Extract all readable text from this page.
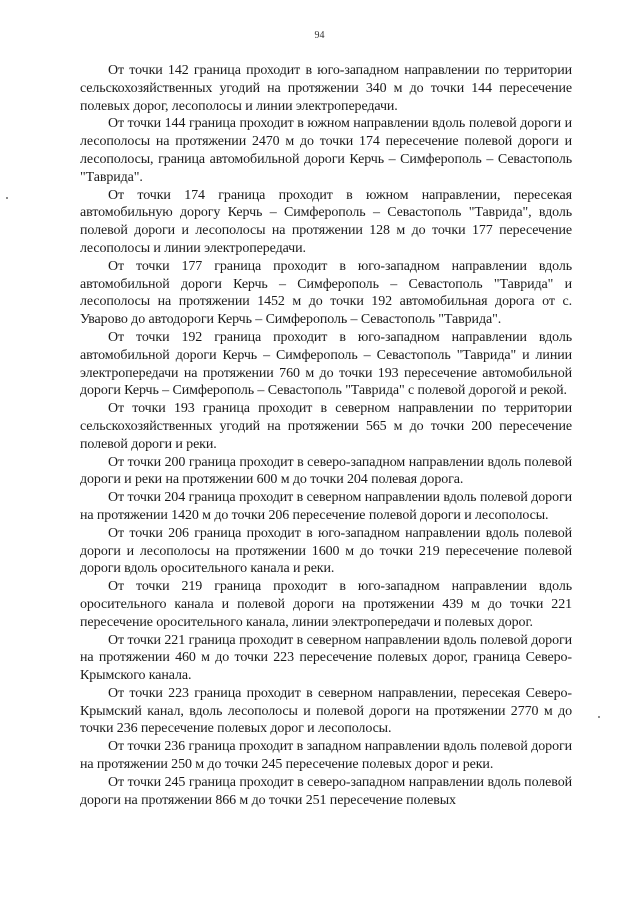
94

От точки 142 граница проходит в юго-западном направлении по территории сельскохозяйственных угодий на протяжении 340 м до точки 144 пересечение полевых дорог, лесополосы и линии электропередачи.

От точки 144 граница проходит в южном направлении вдоль полевой дороги и лесополосы на протяжении 2470 м до точки 174 пересечение полевой дороги и лесополосы, граница автомобильной дороги Керчь – Симферополь – Севастополь "Таврида".

От точки 174 граница проходит в южном направлении, пересекая автомобильную дорогу Керчь – Симферополь – Севастополь "Таврида", вдоль полевой дороги и лесополосы на протяжении 128 м до точки 177 пересечение лесополосы и линии электропередачи.

От точки 177 граница проходит в юго-западном направлении вдоль автомобильной дороги Керчь – Симферополь – Севастополь "Таврида" и лесополосы на протяжении 1452 м до точки 192 автомобильная дорога от с. Уварово до автодороги Керчь – Симферополь – Севастополь "Таврида".

От точки 192 граница проходит в юго-западном направлении вдоль автомобильной дороги Керчь – Симферополь – Севастополь "Таврида" и линии электропередачи на протяжении 760 м до точки 193 пересечение автомобильной дороги Керчь – Симферополь – Севастополь "Таврида" с полевой дорогой и рекой.

От точки 193 граница проходит в северном направлении по территории сельскохозяйственных угодий на протяжении 565 м до точки 200 пересечение полевой дороги и реки.

От точки 200 граница проходит в северо-западном направлении вдоль полевой дороги и реки на протяжении 600 м до точки 204 полевая дорога.

От точки 204 граница проходит в северном направлении вдоль полевой дороги на протяжении 1420 м до точки 206 пересечение полевой дороги и лесополосы.

От точки 206 граница проходит в юго-западном направлении вдоль полевой дороги и лесополосы на протяжении 1600 м до точки 219 пересечение полевой дороги вдоль оросительного канала и реки.

От точки 219 граница проходит в юго-западном направлении вдоль оросительного канала и полевой дороги на протяжении 439 м до точки 221 пересечение оросительного канала, линии электропередачи и полевых дорог.

От точки 221 граница проходит в северном направлении вдоль полевой дороги на протяжении 460 м до точки 223 пересечение полевых дорог, граница Северо-Крымского канала.

От точки 223 граница проходит в северном направлении, пересекая Северо-Крымский канал, вдоль лесополосы и полевой дороги на протяжении 2770 м до точки 236 пересечение полевых дорог и лесополосы.

От точки 236 граница проходит в западном направлении вдоль полевой дороги на протяжении 250 м до точки 245 пересечение полевых дорог и реки.

От точки 245 граница проходит в северо-западном направлении вдоль полевой дороги на протяжении 866 м до точки 251 пересечение полевых
